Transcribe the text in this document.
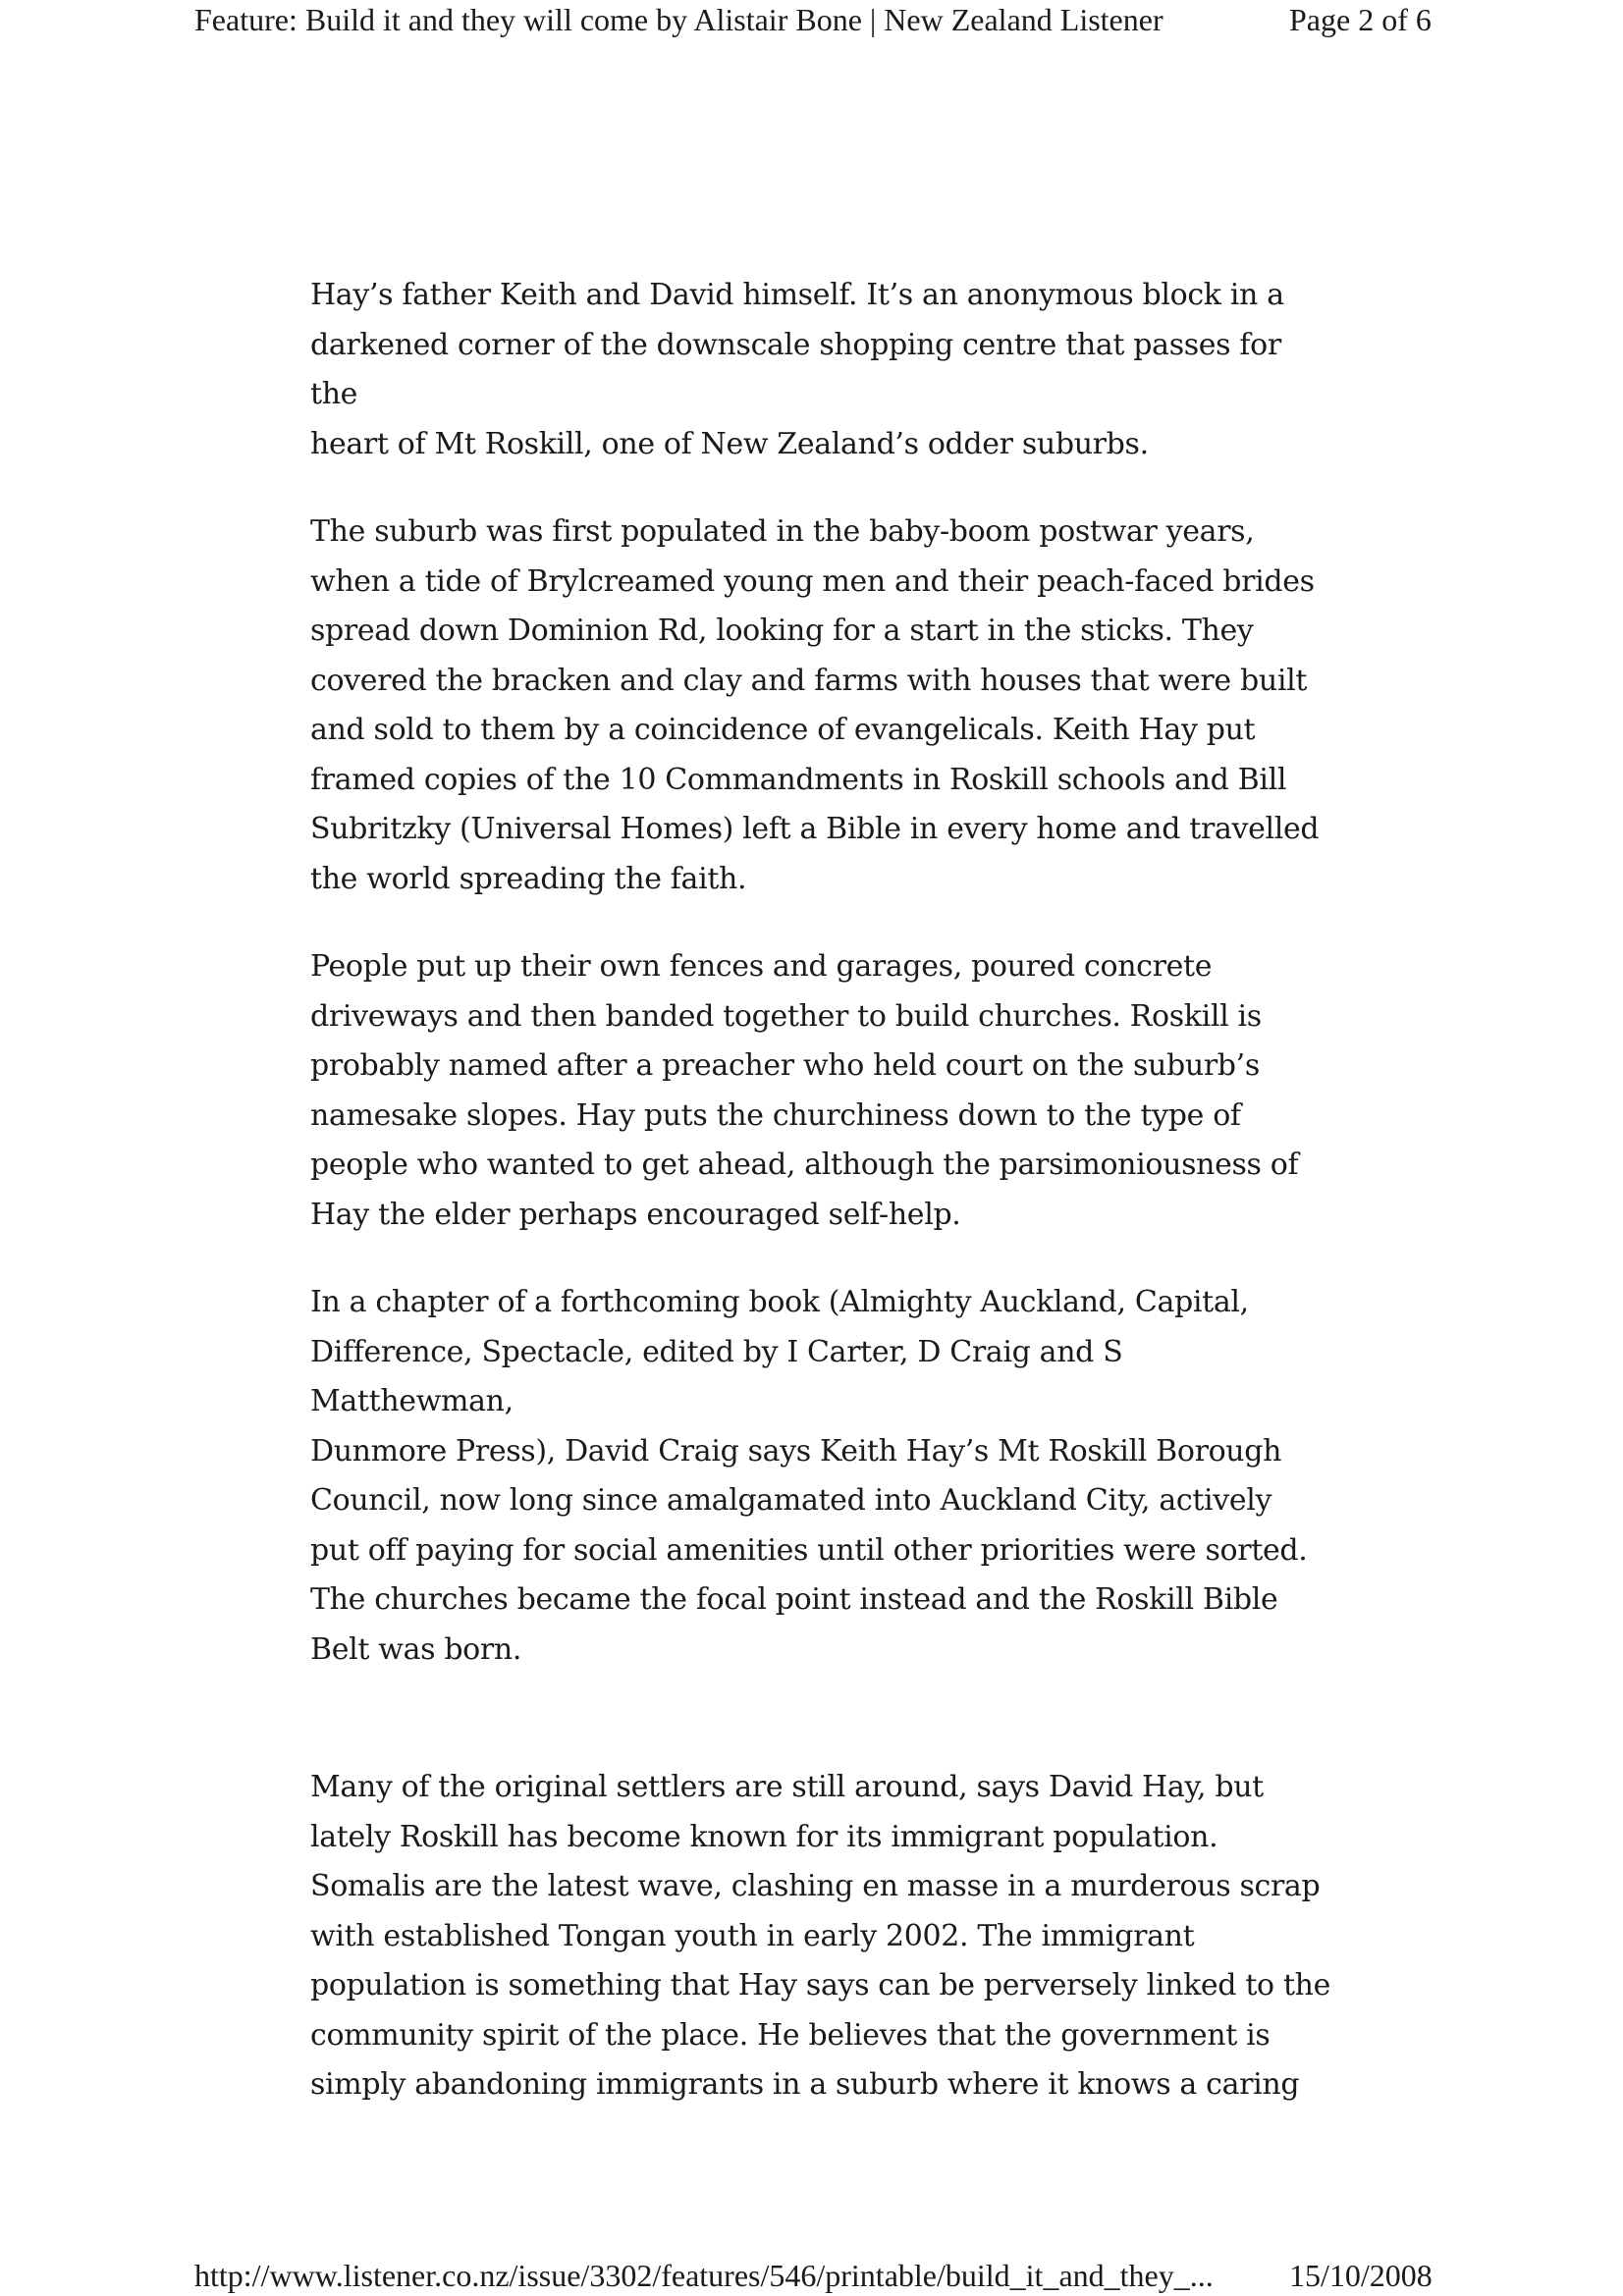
Feature: Build it and they will come by Alistair Bone | New Zealand Listener	Page 2 of 6

Hay’s father Keith and David himself. It’s an anonymous block in a
darkened corner of the downscale shopping centre that passes for the
heart of Mt Roskill, one of New Zealand’s odder suburbs.

The suburb was first populated in the baby-boom postwar years,
when a tide of Brylcreamed young men and their peach-faced brides
spread down Dominion Rd, looking for a start in the sticks. They
covered the bracken and clay and farms with houses that were built
and sold to them by a coincidence of evangelicals. Keith Hay put
framed copies of the 10 Commandments in Roskill schools and Bill
Subritzky (Universal Homes) left a Bible in every home and travelled
the world spreading the faith.

People put up their own fences and garages, poured concrete
driveways and then banded together to build churches. Roskill is
probably named after a preacher who held court on the suburb’s
namesake slopes. Hay puts the churchiness down to the type of
people who wanted to get ahead, although the parsimoniousness of
Hay the elder perhaps encouraged self-help.

In a chapter of a forthcoming book (Almighty Auckland, Capital,
Difference, Spectacle, edited by I Carter, D Craig and S Matthewman,
Dunmore Press), David Craig says Keith Hay’s Mt Roskill Borough
Council, now long since amalgamated into Auckland City, actively
put off paying for social amenities until other priorities were sorted.
The churches became the focal point instead and the Roskill Bible
Belt was born.

Many of the original settlers are still around, says David Hay, but
lately Roskill has become known for its immigrant population.
Somalis are the latest wave, clashing en masse in a murderous scrap
with established Tongan youth in early 2002. The immigrant
population is something that Hay says can be perversely linked to the
community spirit of the place. He believes that the government is
simply abandoning immigrants in a suburb where it knows a caring

http://www.listener.co.nz/issue/3302/features/546/printable/build_it_and_they_... 15/10/2008
